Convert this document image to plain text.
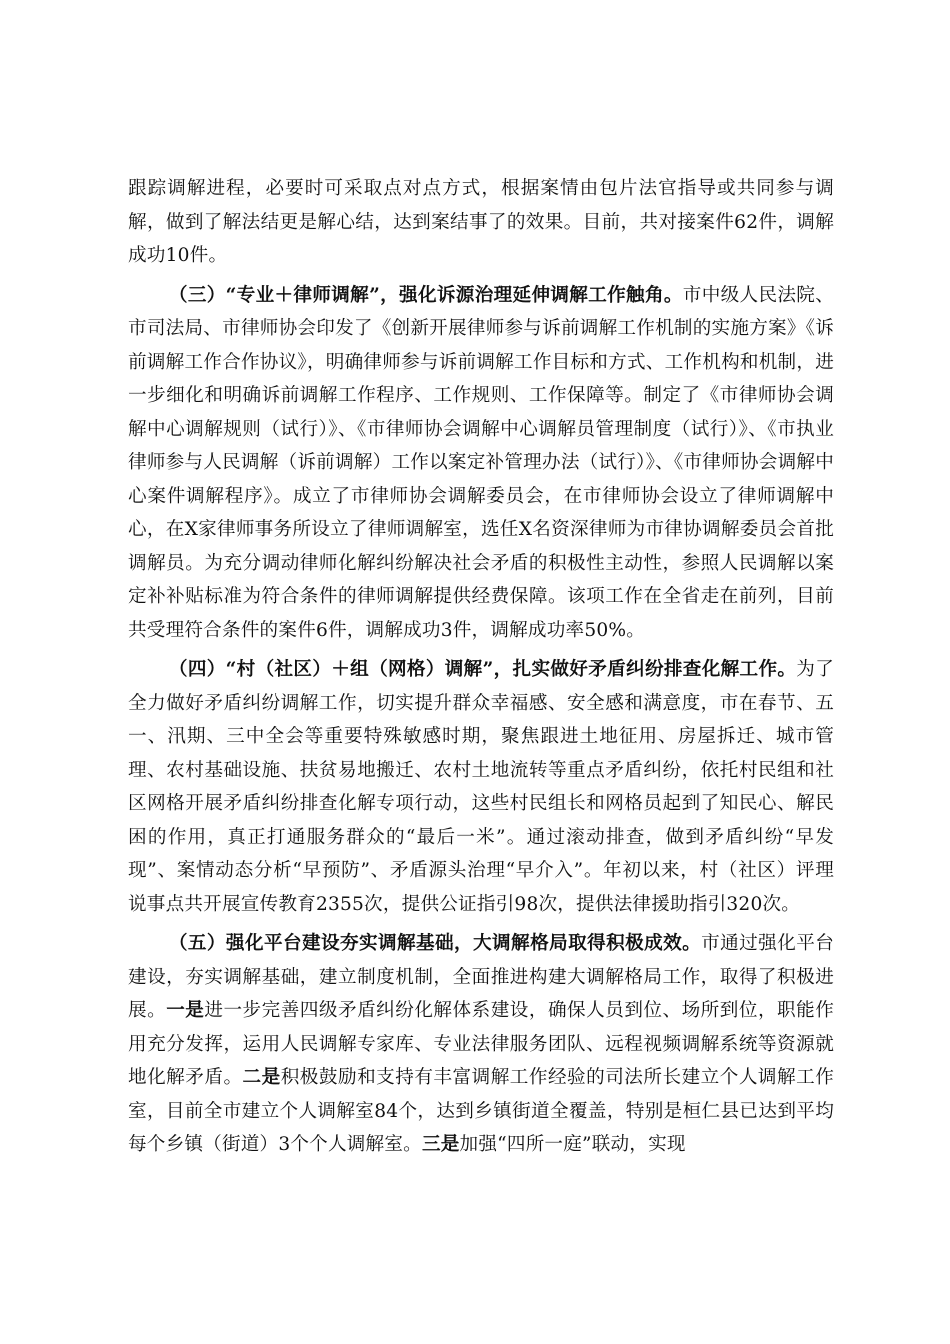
跟踪调解进程，必要时可采取点对点方式，根据案情由包片法官指导或共同参与调解，做到了解法结更是解心结，达到案结事了的效果。目前，共对接案件62件，调解成功10件。

（三）“专业＋律师调解”，强化诉源治理延伸调解工作触角。市中级人民法院、市司法局、市律师协会印发了《创新开展律师参与诉前调解工作机制的实施方案》《诉前调解工作合作协议》，明确律师参与诉前调解工作目标和方式、工作机构和机制，进一步细化和明确诉前调解工作程序、工作规则、工作保障等。制定了《市律师协会调解中心调解规则（试行）》、《市律师协会调解中心调解员管理制度（试行）》、《市执业律师参与人民调解（诉前调解）工作以案定补管理办法（试行）》、《市律师协会调解中心案件调解程序》。成立了市律师协会调解委员会，在市律师协会设立了律师调解中心，在X家律师事务所设立了律师调解室，选任X名资深律师为市律协调解委员会首批调解员。为充分调动律师化解纠纷解决社会矛盾的积极性主动性，参照人民调解以案定补补贴标准为符合条件的律师调解提供经费保障。该项工作在全省走在前列，目前共受理符合条件的案件6件，调解成功3件，调解成功率50%。

（四）“村（社区）＋组（网格）调解”，扎实做好矛盾纠纷排查化解工作。为了全力做好矛盾纠纷调解工作，切实提升群众幸福感、安全感和满意度，市在春节、五一、汛期、三中全会等重要特殊敏感时期，聚焦跟进土地征用、房屋拆迁、城市管理、农村基础设施、扶贫易地搬迁、农村土地流转等重点矛盾纠纷，依托村民组和社区网格开展矛盾纠纷排查化解专项行动，这些村民组长和网格员起到了知民心、解民困的作用，真正打通服务群众的“最后一米”。通过滚动排查，做到矛盾纠纷“早发现”、案情动态分析“早预防”、矛盾源头治理“早介入”。年初以来，村（社区）评理说事点共开展宣传教育2355次，提供公证指引98次，提供法律援助指引320次。

（五）强化平台建设夯实调解基础，大调解格局取得积极成效。市通过强化平台建设，夯实调解基础，建立制度机制，全面推进构建大调解格局工作，取得了积极进展。一是进一步完善四级矛盾纠纷化解体系建设，确保人员到位、场所到位，职能作用充分发挥，运用人民调解专家库、专业法律服务团队、远程视频调解系统等资源就地化解矛盾。二是积极鼓励和支持有丰富调解工作经验的司法所长建立个人调解工作室，目前全市建立个人调解室84个，达到乡镇街道全覆盖，特别是桓仁县已达到平均每个乡镇（街道）3个个人调解室。三是加强“四所一庭”联动，实现
